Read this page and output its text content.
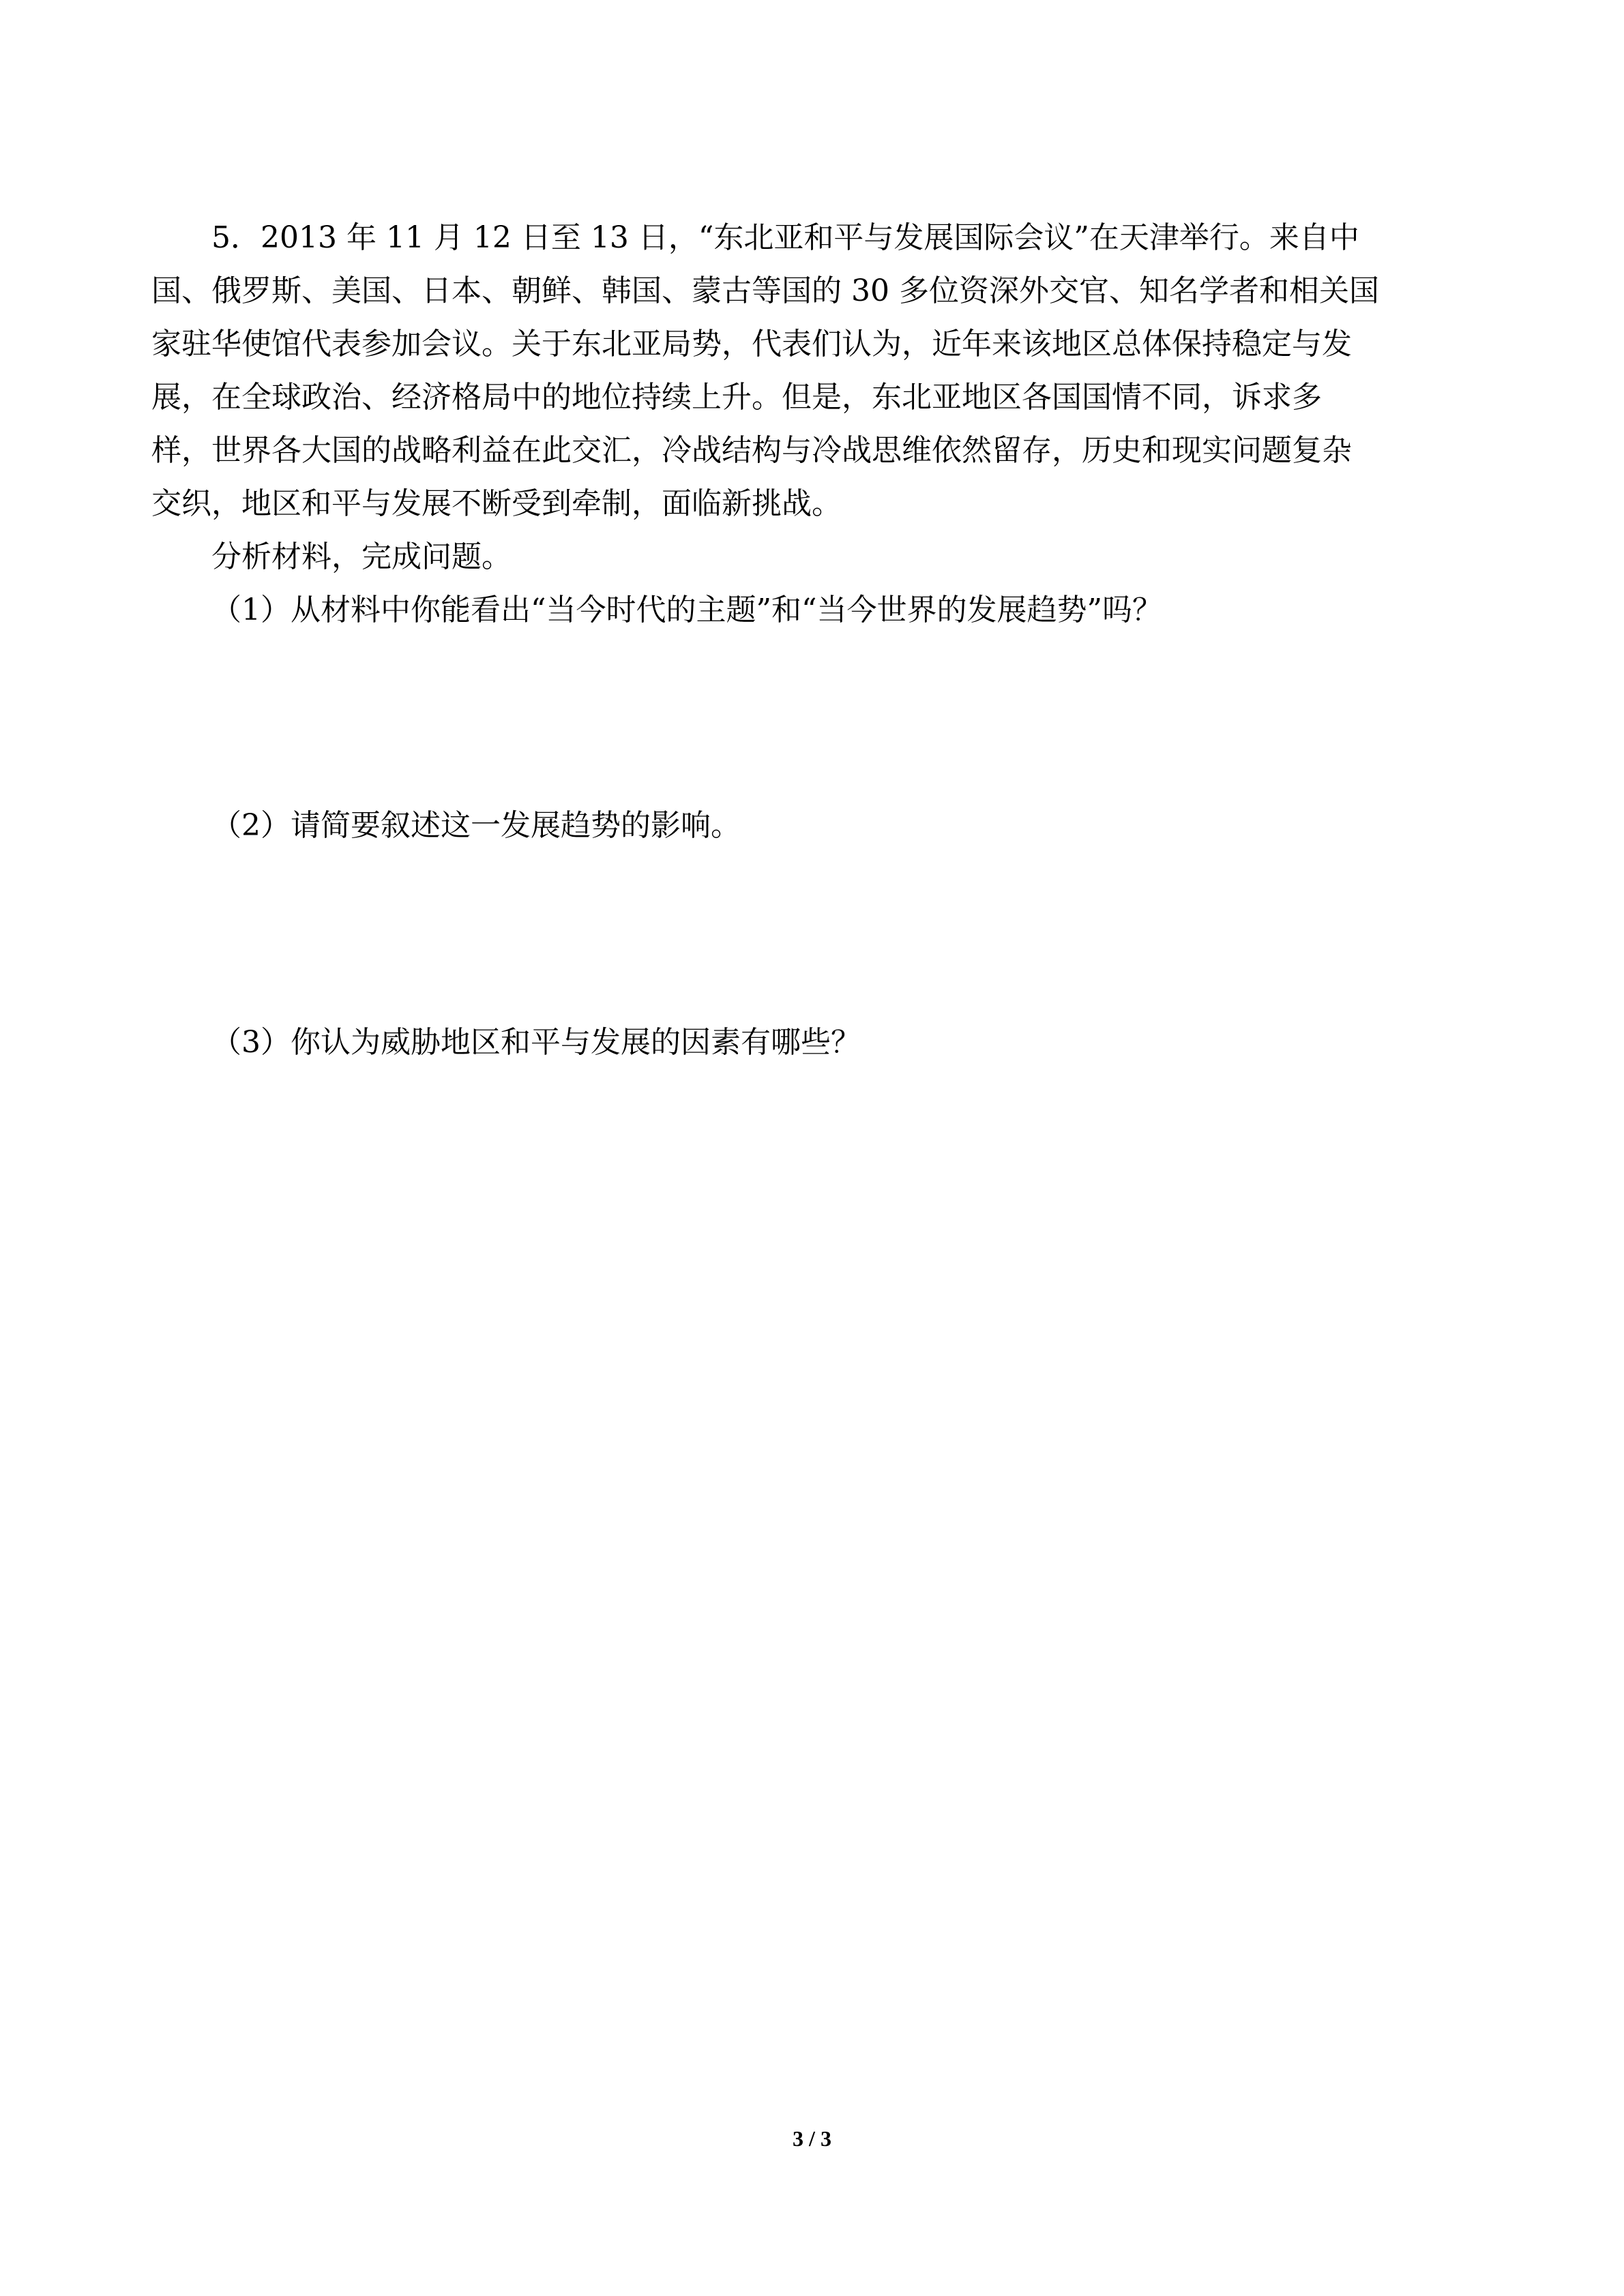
5．2013 年 11 月 12 日至 13 日，“东北亚和平与发展国际会议”在天津举行。来自中
国、俄罗斯、美国、日本、朝鲜、韩国、蒙古等国的 30 多位资深外交官、知名学者和相关国
家驻华使馆代表参加会议。关于东北亚局势，代表们认为，近年来该地区总体保持稳定与发
展，在全球政治、经济格局中的地位持续上升。但是，东北亚地区各国国情不同，诉求多
样，世界各大国的战略利益在此交汇，冷战结构与冷战思维依然留存，历史和现实问题复杂
交织，地区和平与发展不断受到牵制，面临新挑战。

分析材料，完成问题。

（1）从材料中你能看出“当今时代的主题”和“当今世界的发展趋势”吗？

（2）请简要叙述这一发展趋势的影响。

（3）你认为威胁地区和平与发展的因素有哪些？

3 / 3
